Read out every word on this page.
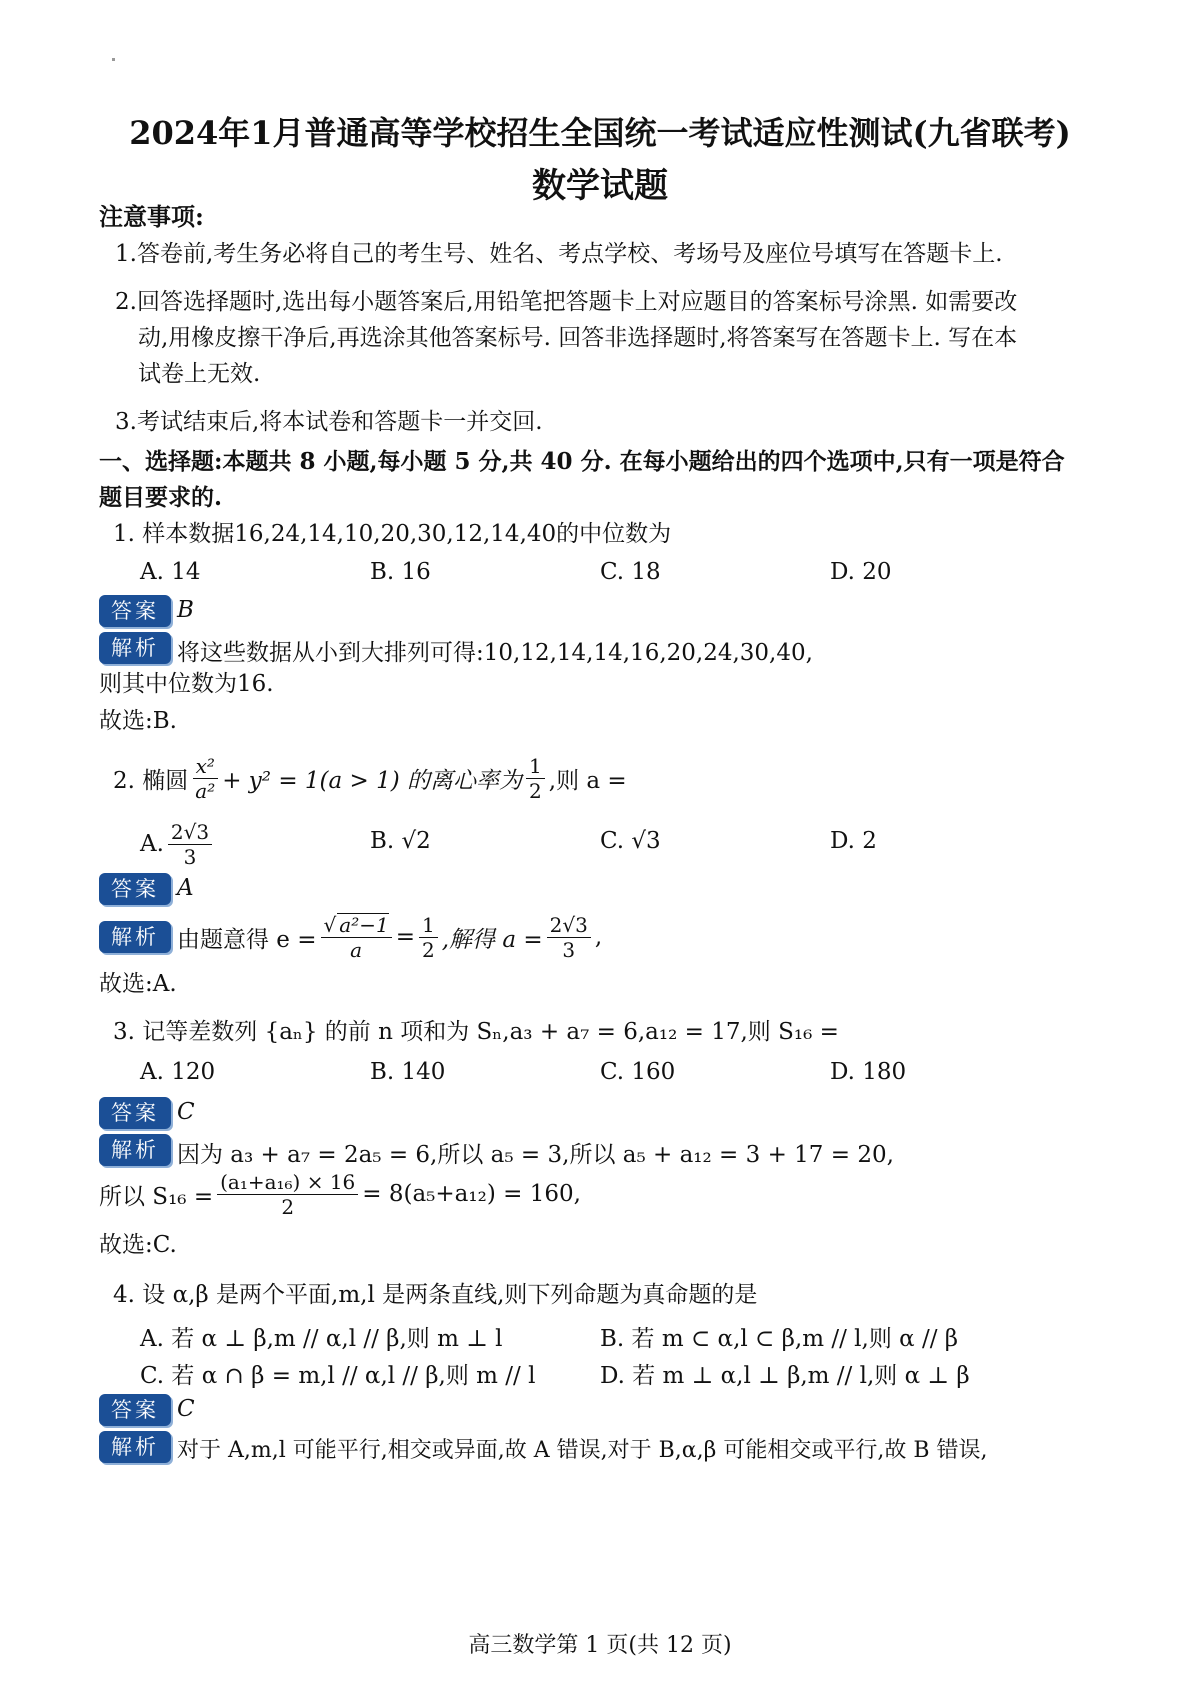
2024年1月普通高等学校招生全国统一考试适应性测试(九省联考)
数学试题
注意事项:
1.答卷前,考生务必将自己的考生号、姓名、考点学校、考场号及座位号填写在答题卡上.
2.回答选择题时,选出每小题答案后,用铅笔把答题卡上对应题目的答案标号涂黑. 如需要改
动,用橡皮擦干净后,再选涂其他答案标号. 回答非选择题时,将答案写在答题卡上. 写在本
试卷上无效.
3.考试结束后,将本试卷和答题卡一并交回.
一、选择题:本题共 8 小题,每小题 5 分,共 40 分. 在每小题给出的四个选项中,只有一项是符合
题目要求的.
1. 样本数据16,24,14,10,20,30,12,14,40的中位数为
A. 14	B. 16	C. 18	D. 20
答案 B
解析 将这些数据从小到大排列可得:10,12,14,14,16,20,24,30,40,
则其中位数为16.
故选:B.
2. 椭圆 $\frac{\text{x²}}{\text{a²}} + y^2 = 1(a > 1)$ 的离心率为 $\frac{1}{2}$ ,则 a =
A. $\frac{2√3}{3}$	B. √2	C. √3	D. 2
答案 A
解析 由题意得 $e = \frac{\text{√ a²−1}}{a} = \frac{1}{2}$ ,解得 $a = \frac{2√3}{3}$ ,
故选:A.
3. 记等差数列 {aₙ} 的前 n 项和为 Sₙ,a₃ + a₇ = 6,a₁₂ = 17,则 S₁₆ =
A. 120	B. 140	C. 160	D. 180
答案 C
解析 因为 a₃ + a₇ = 2a₅ = 6,所以 a₅ = 3,所以 a₅ + a₁₂ = 3 + 17 = 20,
所以 $S_{16} = \frac{\text{(a₁+a₁₆) × 16}}{2} = 8(a_5+a_{12}) = 160$,
故选:C.
4. 设 α,β 是两个平面,m,l 是两条直线,则下列命题为真命题的是
A. 若 α ⊥ β,m // α,l // β,则 m ⊥ l	B. 若 m ⊂ α,l ⊂ β,m // l,则 α // β
C. 若 α ∩ β = m,l // α,l // β,则 m // l	D. 若 m ⊥ α,l ⊥ β,m // l,则 α ⊥ β
答案 C
解析 对于 A,m,l 可能平行,相交或异面,故 A 错误,对于 B,α,β 可能相交或平行,故 B 错误,
高三数学第 1 页(共 12 页)
